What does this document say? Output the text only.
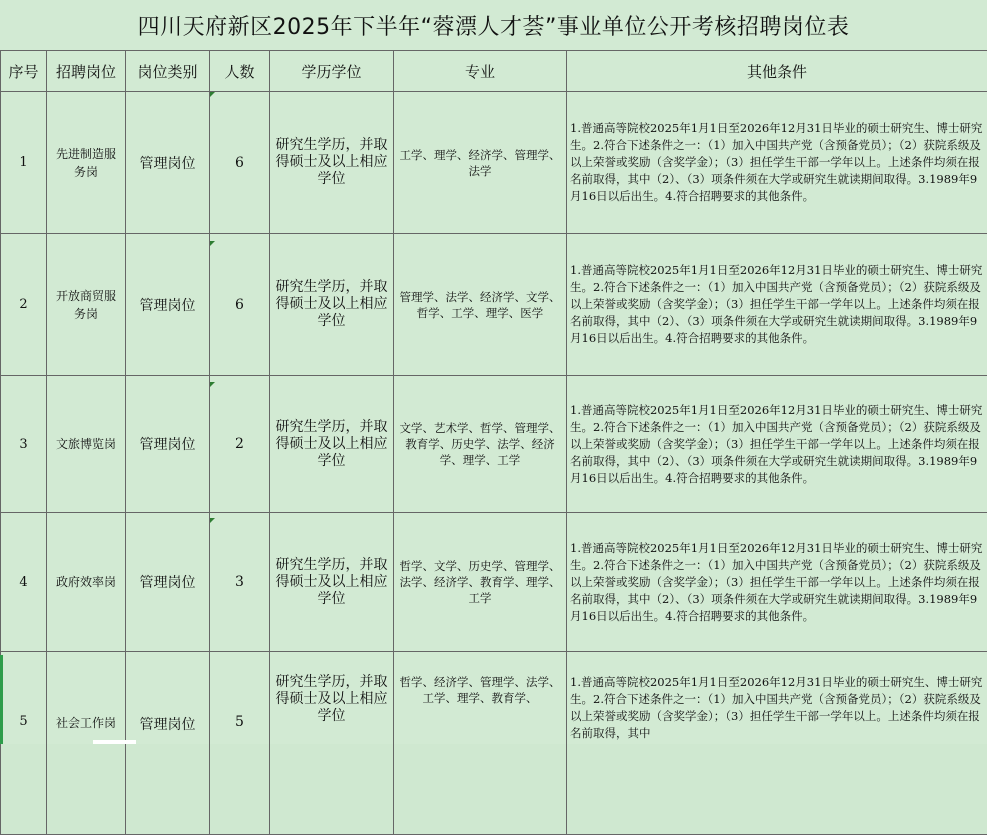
四川天府新区2025年下半年“蓉漂人才荟”事业单位公开考核招聘岗位表
序号	招聘岗位	岗位类别	人数	学历学位	专业	其他条件
1	先进制造服务岗	管理岗位	6	研究生学历，并取得硕士及以上相应学位	工学、理学、经济学、管理学、法学	1.普通高等院校2025年1月1日至2026年12月31日毕业的硕士研究生、博士研究生。2.符合下述条件之一：（1）加入中国共产党（含预备党员）；（2）获院系级及以上荣誉或奖励（含奖学金）；（3）担任学生干部一学年以上。上述条件均须在报名前取得，其中（2）、（3）项条件须在大学或研究生就读期间取得。3.1989年9月16日以后出生。4.符合招聘要求的其他条件。
2	开放商贸服务岗	管理岗位	6	研究生学历，并取得硕士及以上相应学位	管理学、法学、经济学、文学、哲学、工学、理学、医学	1.普通高等院校2025年1月1日至2026年12月31日毕业的硕士研究生、博士研究生。2.符合下述条件之一：（1）加入中国共产党（含预备党员）；（2）获院系级及以上荣誉或奖励（含奖学金）；（3）担任学生干部一学年以上。上述条件均须在报名前取得，其中（2）、（3）项条件须在大学或研究生就读期间取得。3.1989年9月16日以后出生。4.符合招聘要求的其他条件。
3	文旅博览岗	管理岗位	2	研究生学历，并取得硕士及以上相应学位	文学、艺术学、哲学、管理学、教育学、历史学、法学、经济学、理学、工学	1.普通高等院校2025年1月1日至2026年12月31日毕业的硕士研究生、博士研究生。2.符合下述条件之一：（1）加入中国共产党（含预备党员）；（2）获院系级及以上荣誉或奖励（含奖学金）；（3）担任学生干部一学年以上。上述条件均须在报名前取得，其中（2）、（3）项条件须在大学或研究生就读期间取得。3.1989年9月16日以后出生。4.符合招聘要求的其他条件。
4	政府效率岗	管理岗位	3	研究生学历，并取得硕士及以上相应学位	哲学、文学、历史学、管理学、法学、经济学、教育学、理学、工学	1.普通高等院校2025年1月1日至2026年12月31日毕业的硕士研究生、博士研究生。2.符合下述条件之一：（1）加入中国共产党（含预备党员）；（2）获院系级及以上荣誉或奖励（含奖学金）；（3）担任学生干部一学年以上。上述条件均须在报名前取得，其中（2）、（3）项条件须在大学或研究生就读期间取得。3.1989年9月16日以后出生。4.符合招聘要求的其他条件。
5	社会工作岗	管理岗位	5	研究生学历，并取得硕士及以上相应学位	哲学、经济学、管理学、法学、工学、理学、教育学、	1.普通高等院校2025年1月1日至2026年12月31日毕业的硕士研究生、博士研究生。2.符合下述条件之一：（1）加入中国共产党（含预备党员）；（2）获院系级及以上荣誉或奖励（含奖学金）；（3）担任学生干部一学年以上。上述条件均须在报名前取得，其中
